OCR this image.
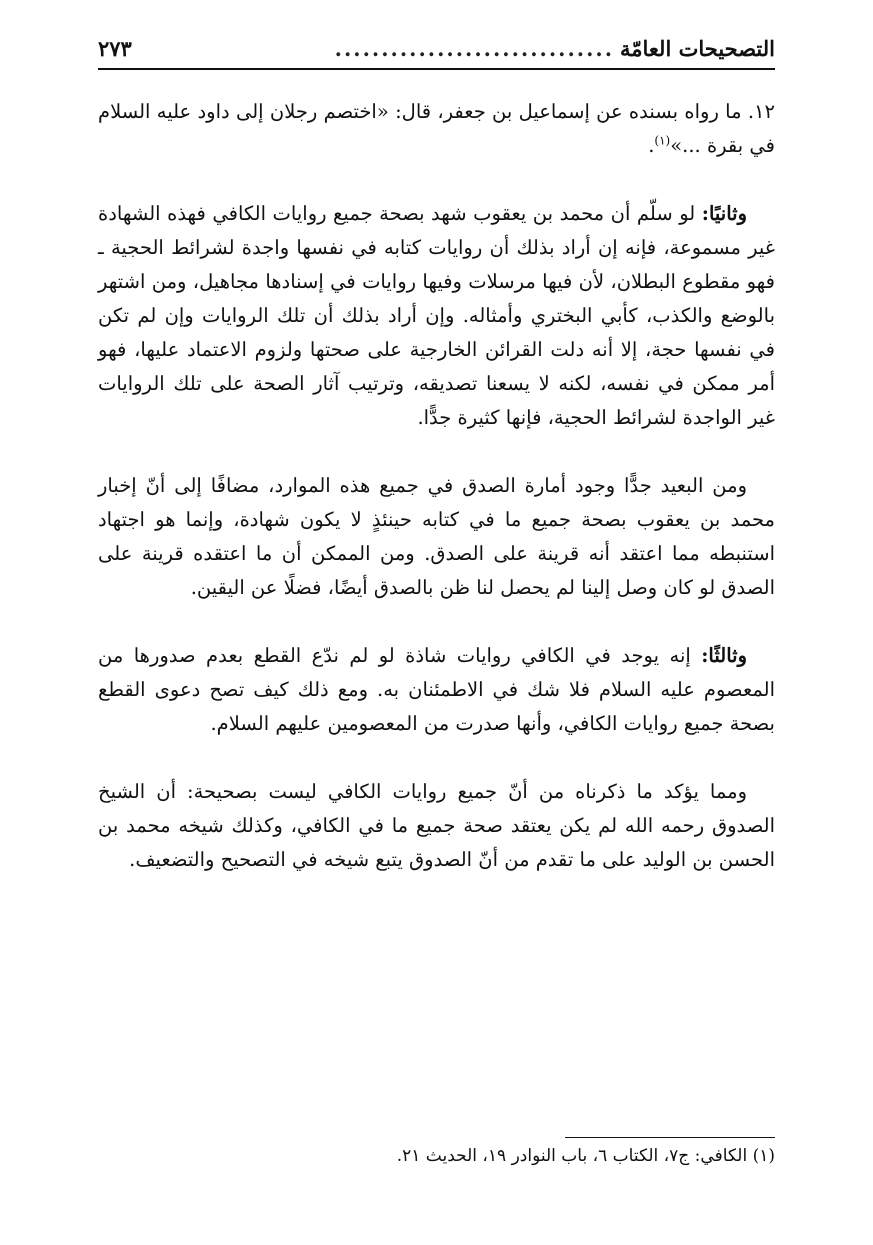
التصحيحات العامّة
..............................
٢٧٣

١٢. ما رواه بسنده عن إسماعيل بن جعفر، قال: «اختصم رجلان إلى داود عليه السلام في بقرة ...»$^{(١)}$.

وثانيًا: لو سلّم أن محمد بن يعقوب شهد بصحة جميع روايات الكافي فهذه الشهادة غير مسموعة، فإنه إن أراد بذلك أن روايات كتابه في نفسها واجدة لشرائط الحجية ـ فهو مقطوع البطلان، لأن فيها مرسلات وفيها روايات في إسنادها مجاهيل، ومن اشتهر بالوضع والكذب، كأبي البختري وأمثاله. وإن أراد بذلك أن تلك الروايات وإن لم تكن في نفسها حجة، إلا أنه دلت القرائن الخارجية على صحتها ولزوم الاعتماد عليها، فهو أمر ممكن في نفسه، لكنه لا يسعنا تصديقه، وترتيب آثار الصحة على تلك الروايات غير الواجدة لشرائط الحجية، فإنها كثيرة جدًّا.

ومن البعيد جدًّا وجود أمارة الصدق في جميع هذه الموارد، مضافًا إلى أنّ إخبار محمد بن يعقوب بصحة جميع ما في كتابه حينئذٍ لا يكون شهادة، وإنما هو اجتهاد استنبطه مما اعتقد أنه قرينة على الصدق. ومن الممكن أن ما اعتقده قرينة على الصدق لو كان وصل إلينا لم يحصل لنا ظن بالصدق أيضًا، فضلًا عن اليقين.

وثالثًا: إنه يوجد في الكافي روايات شاذة لو لم ندّع القطع بعدم صدورها من المعصوم عليه السلام فلا شك في الاطمئنان به. ومع ذلك كيف تصح دعوى القطع بصحة جميع روايات الكافي، وأنها صدرت من المعصومين عليهم السلام.

ومما يؤكد ما ذكرناه من أنّ جميع روايات الكافي ليست بصحيحة: أن الشيخ الصدوق رحمه الله لم يكن يعتقد صحة جميع ما في الكافي، وكذلك شيخه محمد بن الحسن بن الوليد على ما تقدم من أنّ الصدوق يتبع شيخه في التصحيح والتضعيف.

(١) الكافي: ج٧، الكتاب ٦، باب النوادر ١٩، الحديث ٢١.
